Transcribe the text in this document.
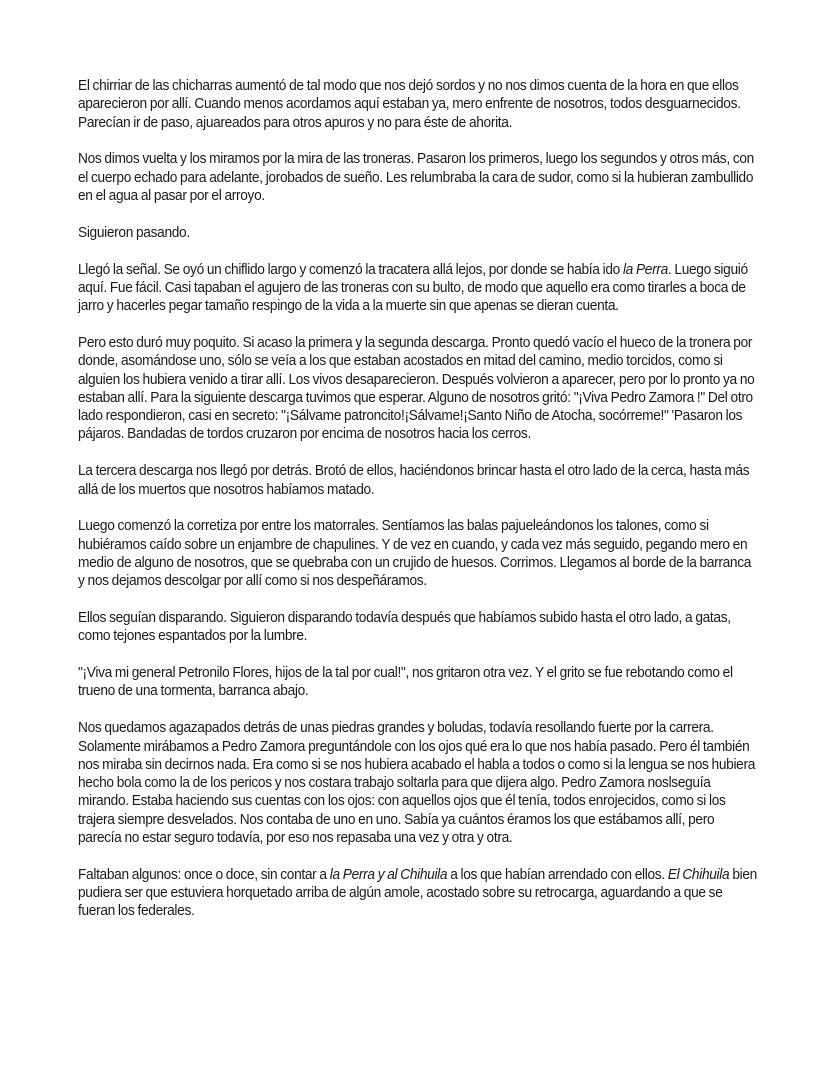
El chirriar de las chicharras aumentó de tal modo que nos dejó sordos y no nos dimos cuenta de la hora en que ellos aparecieron por allí. Cuando menos acordamos aquí estaban ya, mero enfrente de nosotros, todos desguarnecidos. Parecían ir de paso, ajuareados para otros apuros y no para éste de ahorita.

Nos dimos vuelta y los miramos por la mira de las troneras. Pasaron los primeros, luego los segundos y otros más, con el cuerpo echado para adelante, jorobados de sueño. Les relumbraba la cara de sudor, como si la hubieran zambullido en el agua al pasar por el arroyo.

Siguieron pasando.

Llegó la señal. Se oyó un chiflido largo y comenzó la tracatera allá lejos, por donde se había ido la Perra. Luego siguió aquí. Fue fácil. Casi tapaban el agujero de las troneras con su bulto, de modo que aquello era como tirarles a boca de jarro y hacerles pegar tamaño respingo de la vida a la muerte sin que apenas se dieran cuenta.

Pero esto duró muy poquito. Si acaso la primera y la segunda descarga. Pronto quedó vacío el hueco de la tronera por donde, asomándose uno, sólo se veía a los que estaban acostados en mitad del camino, medio torcidos, como si alguien los hubiera venido a tirar allí. Los vivos desaparecieron. Después volvieron a aparecer, pero por lo pronto ya no estaban allí. Para la siguiente descarga tuvimos que esperar. Alguno de nosotros gritó: "¡Viva Pedro Zamora !" Del otro lado respondieron, casi en secreto: "¡Sálvame patroncito!¡Sálvame!¡Santo Niño de Atocha, socórreme!" 'Pasaron los pájaros. Bandadas de tordos cruzaron por encima de nosotros hacia los cerros.

La tercera descarga nos llegó por detrás. Brotó de ellos, haciéndonos brincar hasta el otro lado de la cerca, hasta más allá de los muertos que nosotros habíamos matado.

Luego comenzó la corretiza por entre los matorrales. Sentíamos las balas pajueleándonos los talones, como si hubiéramos caído sobre un enjambre de chapulines. Y de vez en cuando, y cada vez más seguido, pegando mero en medio de alguno de nosotros, que se quebraba con un crujido de huesos. Corrimos. Llegamos al borde de la barranca y nos dejamos descolgar por allí como si nos despeñáramos.

Ellos seguían disparando. Siguieron disparando todavía después que habíamos subido hasta el otro lado, a gatas, como tejones espantados por la lumbre.

"¡Viva mi general Petronilo Flores, hijos de la tal por cual!", nos gritaron otra vez. Y el grito se fue rebotando como el trueno de una tormenta, barranca abajo.

Nos quedamos agazapados detrás de unas piedras grandes y boludas, todavía resollando fuerte por la carrera. Solamente mirábamos a Pedro Zamora preguntándole con los ojos qué era lo que nos había pasado. Pero él también nos miraba sin decirnos nada. Era como si se nos hubiera acabado el habla a todos o como si la lengua se nos hubiera hecho bola como la de los pericos y nos costara trabajo soltarla para que dijera algo. Pedro Zamora noslseguía mirando. Estaba haciendo sus cuentas con los ojos: con aquellos ojos que él tenía, todos enrojecidos, como si los trajera siempre desvelados. Nos contaba de uno en uno. Sabía ya cuántos éramos los que estábamos allí, pero parecía no estar seguro todavía, por eso nos repasaba una vez y otra y otra.

Faltaban algunos: once o doce, sin contar a la Perra y al Chihuila a los que habían arrendado con ellos. El Chihuila bien pudiera ser que estuviera horquetado arriba de algún amole, acostado sobre su retrocarga, aguardando a que se fueran los federales.
